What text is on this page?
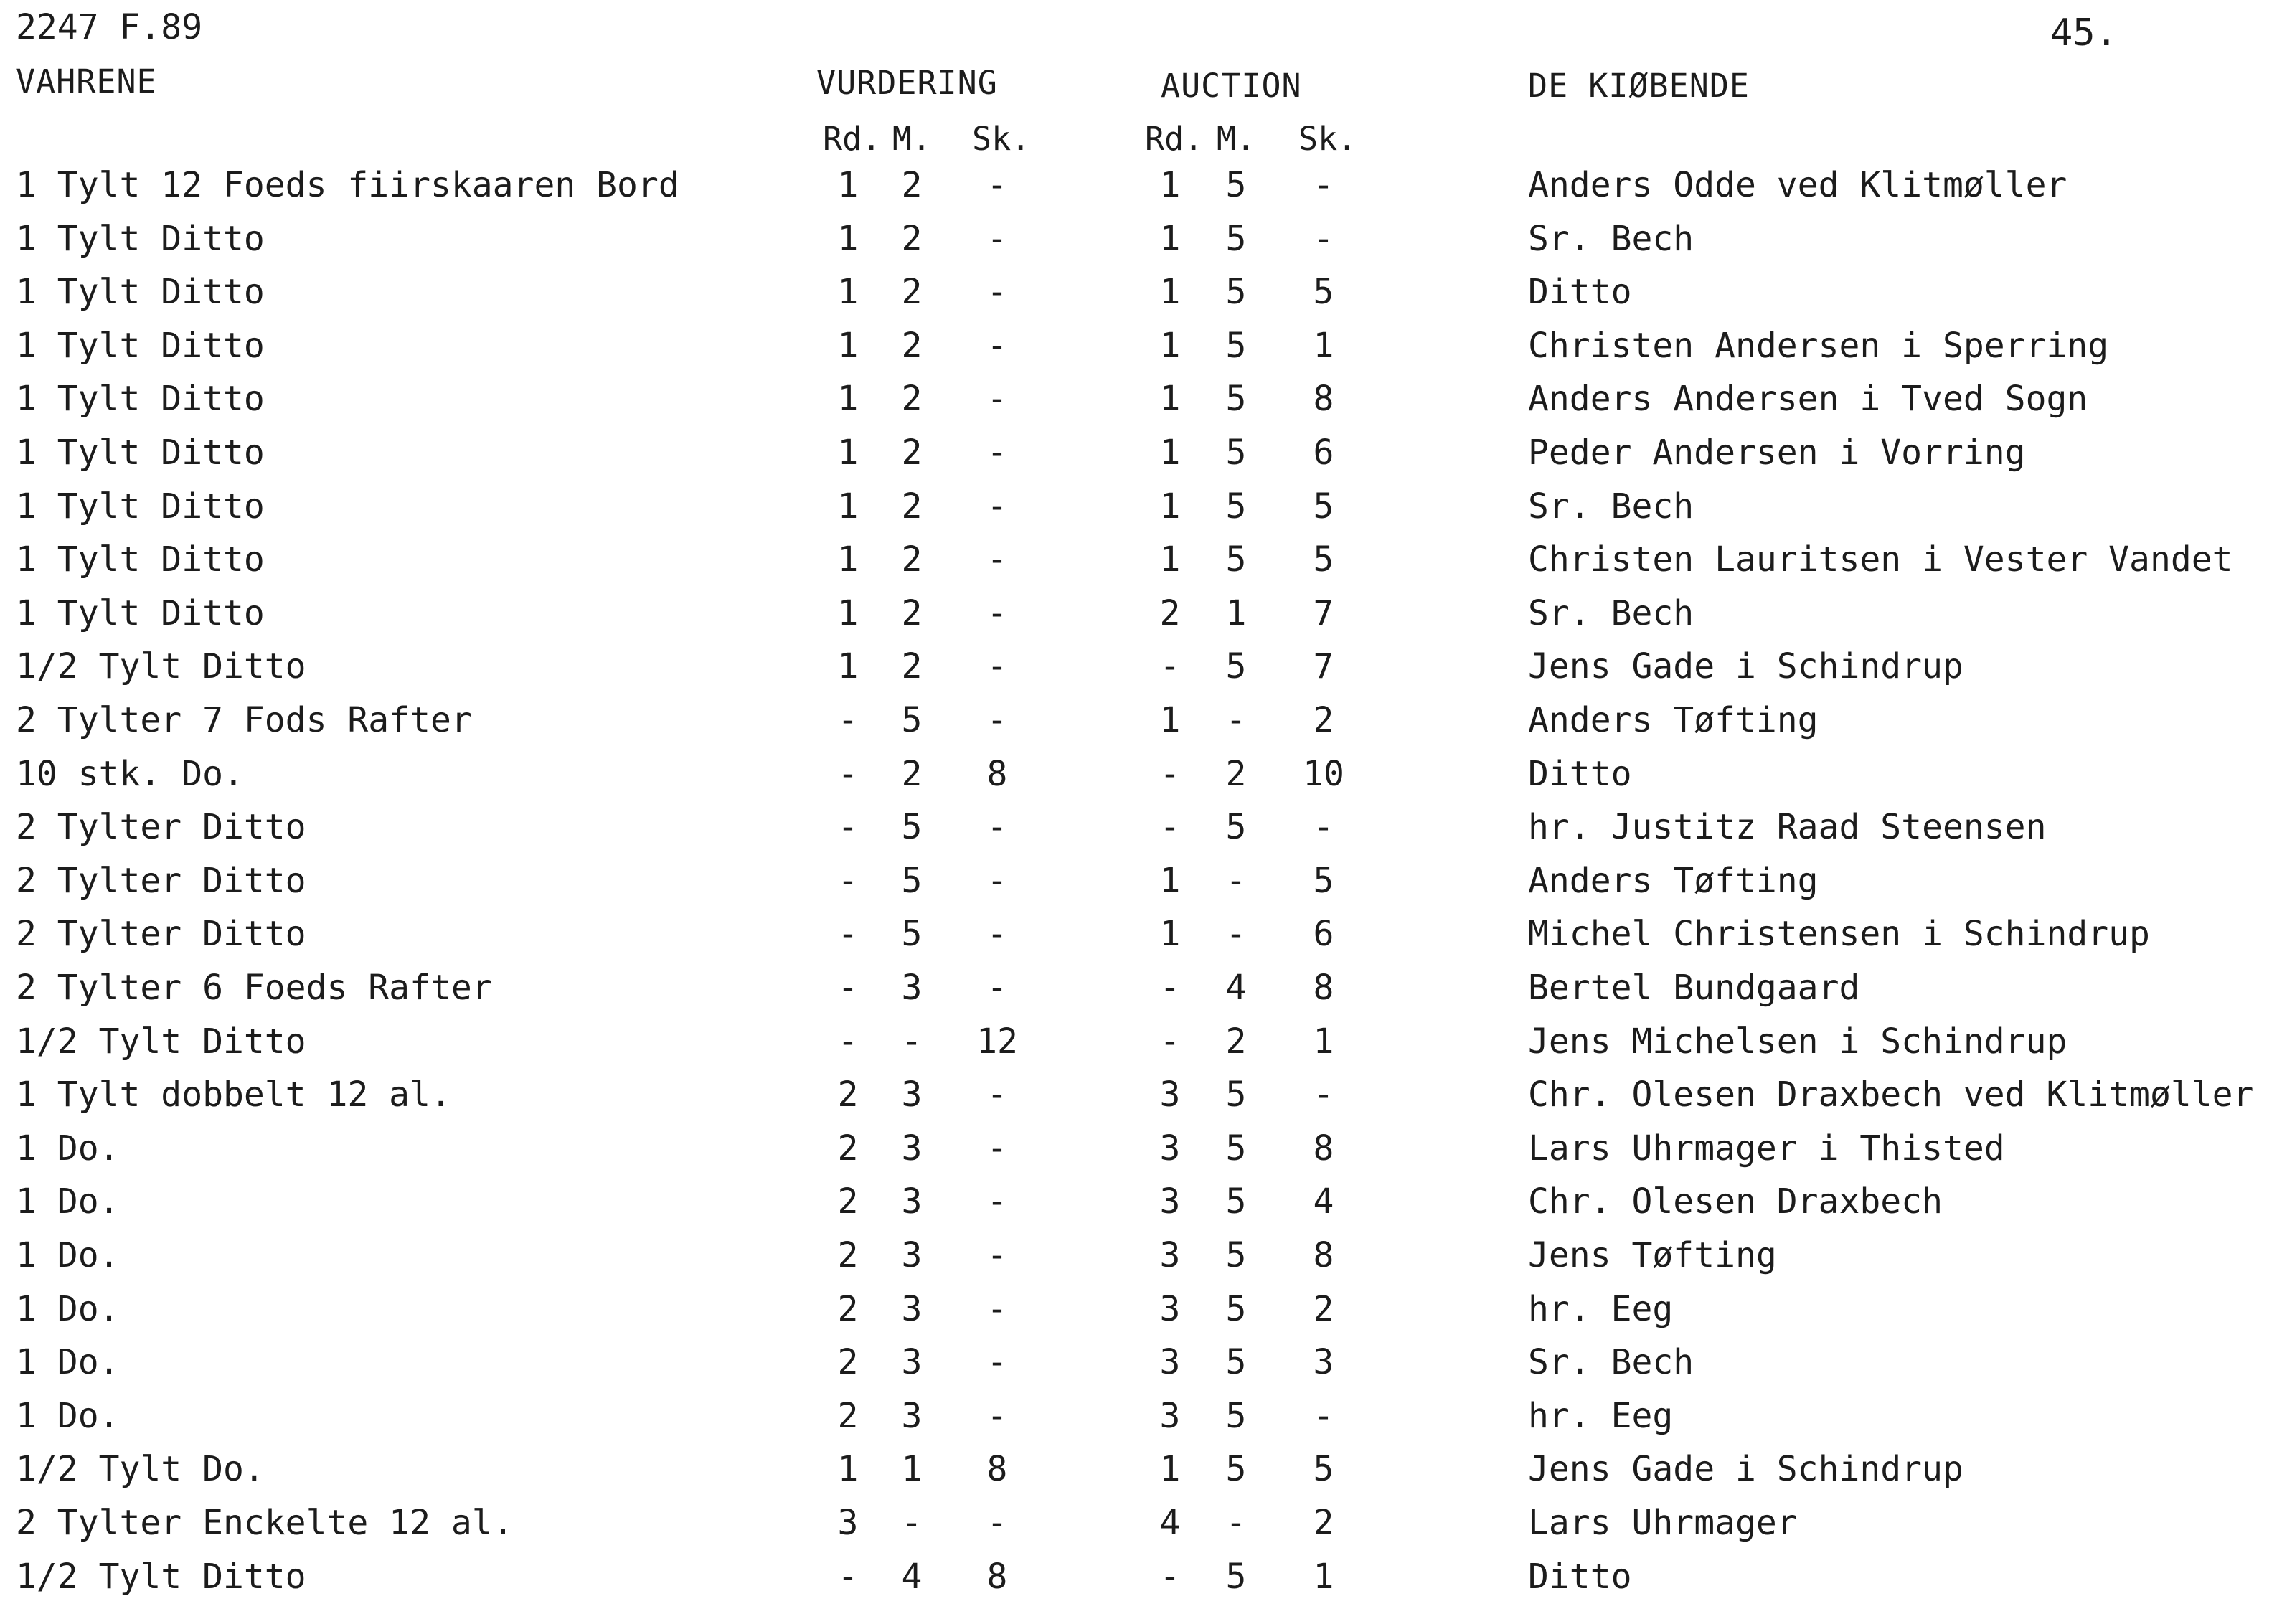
2247 F.89	45.
VAHRENE	VURDERING	AUCTION	DE KIØBENDE
Rd. M. Sk.	Rd. M. Sk.
1 Tylt 12 Foeds fiirskaaren Bord	1	2	-	1	5	-	Anders Odde ved Klitmøller
1 Tylt Ditto	1	2	-	1	5	-	Sr. Bech
1 Tylt Ditto	1	2	-	1	5	5	Ditto
1 Tylt Ditto	1	2	-	1	5	1	Christen Andersen i Sperring
1 Tylt Ditto	1	2	-	1	5	8	Anders Andersen i Tved Sogn
1 Tylt Ditto	1	2	-	1	5	6	Peder Andersen i Vorring
1 Tylt Ditto	1	2	-	1	5	5	Sr. Bech
1 Tylt Ditto	1	2	-	1	5	5	Christen Lauritsen i Vester Vandet
1 Tylt Ditto	1	2	-	2	1	7	Sr. Bech
1/2 Tylt Ditto	1	2	-	-	5	7	Jens Gade i Schindrup
2 Tylter 7 Fods Rafter	-	5	-	1	-	2	Anders Tøfting
10 stk. Do.	-	2	8	-	2	10	Ditto
2 Tylter Ditto	-	5	-	-	5	-	hr. Justitz Raad Steensen
2 Tylter Ditto	-	5	-	1	-	5	Anders Tøfting
2 Tylter Ditto	-	5	-	1	-	6	Michel Christensen i Schindrup
2 Tylter 6 Foeds Rafter	-	3	-	-	4	8	Bertel Bundgaard
1/2 Tylt Ditto	-	-	12	-	2	1	Jens Michelsen i Schindrup
1 Tylt dobbelt 12 al.	2	3	-	3	5	-	Chr. Olesen Draxbech ved Klitmøller
1 Do.	2	3	-	3	5	8	Lars Uhrmager i Thisted
1 Do.	2	3	-	3	5	4	Chr. Olesen Draxbech
1 Do.	2	3	-	3	5	8	Jens Tøfting
1 Do.	2	3	-	3	5	2	hr. Eeg
1 Do.	2	3	-	3	5	3	Sr. Bech
1 Do.	2	3	-	3	5	-	hr. Eeg
1/2 Tylt Do.	1	1	8	1	5	5	Jens Gade i Schindrup
2 Tylter Enckelte 12 al.	3	-	-	4	-	2	Lars Uhrmager
1/2 Tylt Ditto	-	4	8	-	5	1	Ditto
